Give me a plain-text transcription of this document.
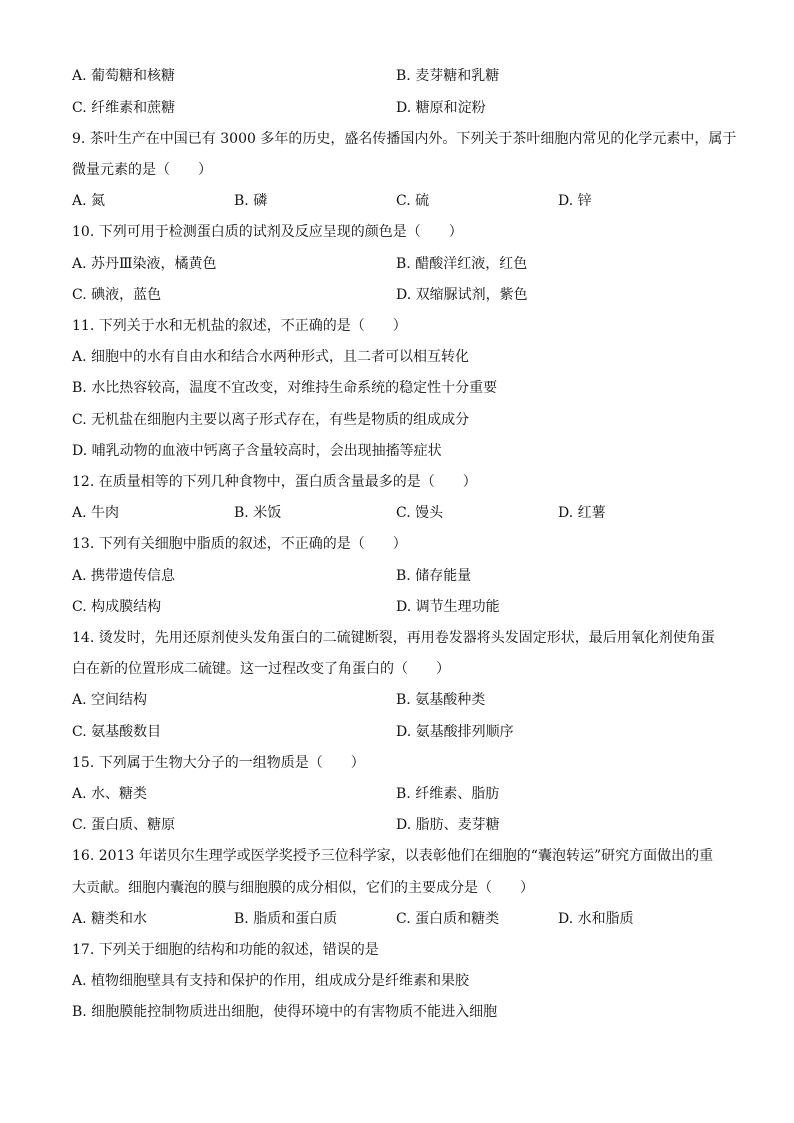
A. 葡萄糖和核糖	B. 麦芽糖和乳糖
C. 纤维素和蔗糖	D. 糖原和淀粉
9. 茶叶生产在中国已有 3000 多年的历史，盛名传播国内外。下列关于茶叶细胞内常见的化学元素中，属于
微量元素的是（　　）
A. 氮	B. 磷	C. 硫	D. 锌
10. 下列可用于检测蛋白质的试剂及反应呈现的颜色是（　　）
A. 苏丹Ⅲ染液，橘黄色	B. 醋酸洋红液，红色
C. 碘液，蓝色	D. 双缩脲试剂，紫色
11. 下列关于水和无机盐的叙述，不正确的是（　　）
A. 细胞中的水有自由水和结合水两种形式，且二者可以相互转化
B. 水比热容较高，温度不宜改变，对维持生命系统的稳定性十分重要
C. 无机盐在细胞内主要以离子形式存在，有些是物质的组成成分
D. 哺乳动物的血液中钙离子含量较高时，会出现抽搐等症状
12. 在质量相等的下列几种食物中，蛋白质含量最多的是（　　）
A. 牛肉	B. 米饭	C. 馒头	D. 红薯
13. 下列有关细胞中脂质的叙述，不正确的是（　　）
A. 携带遗传信息	B. 储存能量
C. 构成膜结构	D. 调节生理功能
14. 烫发时，先用还原剂使头发角蛋白的二硫键断裂，再用卷发器将头发固定形状，最后用氧化剂使角蛋
白在新的位置形成二硫键。这一过程改变了角蛋白的（　　）
A. 空间结构	B. 氨基酸种类
C. 氨基酸数目	D. 氨基酸排列顺序
15. 下列属于生物大分子的一组物质是（　　）
A. 水、糖类	B. 纤维素、脂肪
C. 蛋白质、糖原	D. 脂肪、麦芽糖
16. 2013 年诺贝尔生理学或医学奖授予三位科学家，以表彰他们在细胞的“囊泡转运”研究方面做出的重
大贡献。细胞内囊泡的膜与细胞膜的成分相似，它们的主要成分是（　　）
A. 糖类和水	B. 脂质和蛋白质	C. 蛋白质和糖类	D. 水和脂质
17. 下列关于细胞的结构和功能的叙述，错误的是
A. 植物细胞壁具有支持和保护的作用，组成成分是纤维素和果胶
B. 细胞膜能控制物质进出细胞，使得环境中的有害物质不能进入细胞
